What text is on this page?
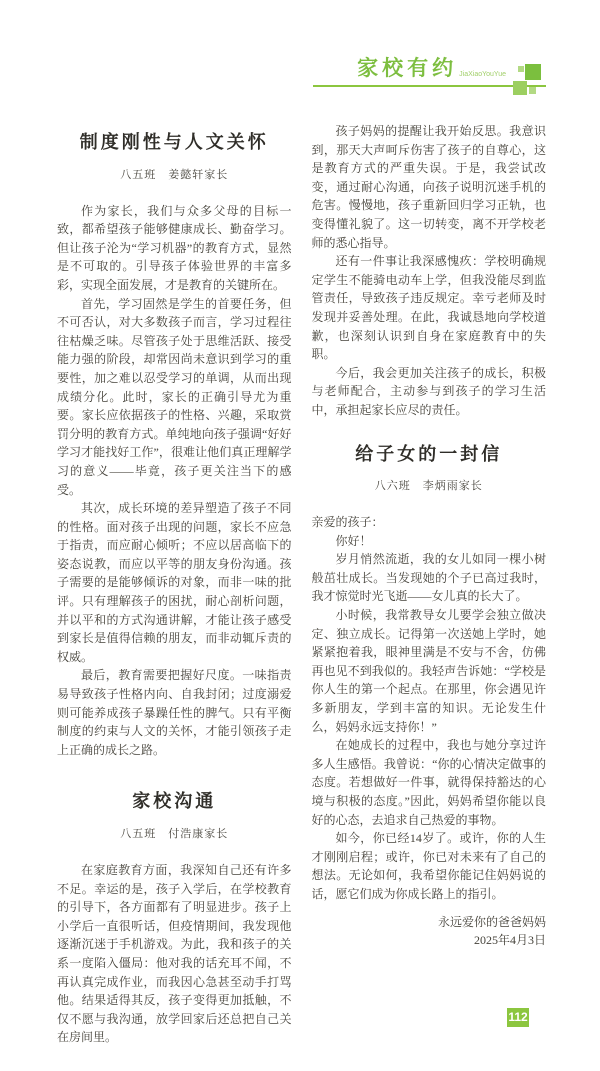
家校有约 JiaXiaoYouYue
制度刚性与人文关怀
八五班　姜懿轩家长

作为家长，我们与众多父母的目标一致，都希望孩子能够健康成长、勤奋学习。但让孩子沦为“学习机器”的教育方式，显然是不可取的。引导孩子体验世界的丰富多彩，实现全面发展，才是教育的关键所在。

首先，学习固然是学生的首要任务，但不可否认，对大多数孩子而言，学习过程往往枯燥乏味。尽管孩子处于思维活跃、接受能力强的阶段，却常因尚未意识到学习的重要性，加之难以忍受学习的单调，从而出现成绩分化。此时，家长的正确引导尤为重要。家长应依据孩子的性格、兴趣，采取赏罚分明的教育方式。单纯地向孩子强调“好好学习才能找好工作”，很难让他们真正理解学习的意义——毕竟，孩子更关注当下的感受。

其次，成长环境的差异塑造了孩子不同的性格。面对孩子出现的问题，家长不应急于指责，而应耐心倾听；不应以居高临下的姿态说教，而应以平等的朋友身份沟通。孩子需要的是能够倾诉的对象，而非一味的批评。只有理解孩子的困扰，耐心剖析问题，并以平和的方式沟通讲解，才能让孩子感受到家长是值得信赖的朋友，而非动辄斥责的权威。

最后，教育需要把握好尺度。一味指责易导致孩子性格内向、自我封闭；过度溺爱则可能养成孩子暴躁任性的脾气。只有平衡制度的约束与人文的关怀，才能引领孩子走上正确的成长之路。

家校沟通
八五班　付浩康家长

在家庭教育方面，我深知自己还有许多不足。幸运的是，孩子入学后，在学校教育的引导下，各方面都有了明显进步。孩子上小学后一直很听话，但疫情期间，我发现他逐渐沉迷于手机游戏。为此，我和孩子的关系一度陷入僵局：他对我的话充耳不闻，不再认真完成作业，而我因心急甚至动手打骂他。结果适得其反，孩子变得更加抵触，不仅不愿与我沟通，放学回家后还总把自己关在房间里。

孩子妈妈的提醒让我开始反思。我意识到，那天大声呵斥伤害了孩子的自尊心，这是教育方式的严重失误。于是，我尝试改变，通过耐心沟通，向孩子说明沉迷手机的危害。慢慢地，孩子重新回归学习正轨，也变得懂礼貌了。这一切转变，离不开学校老师的悉心指导。

还有一件事让我深感愧疚：学校明确规定学生不能骑电动车上学，但我没能尽到监管责任，导致孩子违反规定。幸亏老师及时发现并妥善处理。在此，我诚恳地向学校道歉，也深刻认识到自身在家庭教育中的失职。

今后，我会更加关注孩子的成长，积极与老师配合，主动参与到孩子的学习生活中，承担起家长应尽的责任。

给子女的一封信
八六班　李炳雨家长

亲爱的孩子：

你好！

岁月悄然流逝，我的女儿如同一棵小树般茁壮成长。当发现她的个子已高过我时，我才惊觉时光飞逝——女儿真的长大了。

小时候，我常教导女儿要学会独立做决定、独立成长。记得第一次送她上学时，她紧紧抱着我，眼神里满是不安与不舍，仿佛再也见不到我似的。我轻声告诉她：“学校是你人生的第一个起点。在那里，你会遇见许多新朋友，学到丰富的知识。无论发生什么，妈妈永远支持你！”

在她成长的过程中，我也与她分享过许多人生感悟。我曾说：“你的心情决定做事的态度。若想做好一件事，就得保持豁达的心境与积极的态度。”因此，妈妈希望你能以良好的心态，去追求自己热爱的事物。

如今，你已经14岁了。或许，你的人生才刚刚启程；或许，你已对未来有了自己的想法。无论如何，我希望你能记住妈妈说的话，愿它们成为你成长路上的指引。

永远爱你的爸爸妈妈

2025年4月3日

112
